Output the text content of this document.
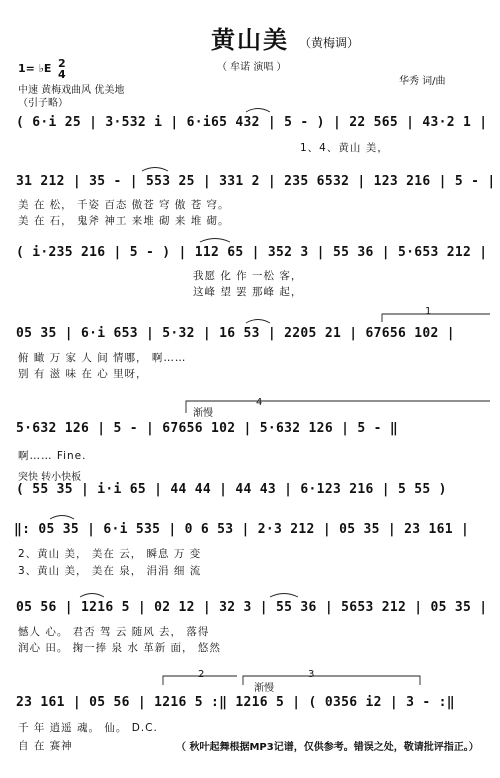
黄山美 （黄梅调）
（ 牟诺 演唱 ）
1= ♭E 2
4
中速 黄梅戏曲风 优美地
（引子略）
华秀 词/曲
( 6·i 25 | 3·532 i | 6·i65 432 | 5 - ) | 22 565 | 43·2 1 |
1、4、黄山 美，
31 212 | 35 - | 553 25 | 331 2 | 235 6532 | 123 216 | 5 - |
美 在 松， 千姿 百态 傲苍 穹 傲 苍 穹。
美 在 石， 鬼斧 神工 来堆 砌 来 堆 砌。
( i·235 216 | 5 - ) | 112 65 | 352 3 | 55 36 | 5·653 212 |
我愿 化 作 一松 客，
这峰 望 罢 那峰 起，
05 35 | 6·i 653 | 5·32 | 16 53 | 2205 21 | 67656 102 |
俯 瞰 万 家 人 间 情哪， 啊……
别 有 滋 味 在 心 里呀，
渐慢
5·632 126 | 5 - | 67656 102 | 5·632 126 | 5 - ‖
啊…… Fine.
突快 转小快板
( 55 35 | i·i 65 | 44 44 | 44 43 | 6·123 216 | 5 55 )
‖: 05 35 | 6·i 535 | 0 6 53 | 2·3 212 | 05 35 | 23 161 |
2、黄山 美， 美在 云， 瞬息 万 变
3、黄山 美， 美在 泉， 涓涓 细 流
05 56 | 1216 5 | 02 12 | 32 3 | 55 36 | 5653 212 | 05 35 |
憾人 心。 君否 驾 云 随风 去， 落得
润心 田。 掬一捧 泉 水 革新 面， 悠然
渐慢
2	3
23 161 | 05 56 | 1216 5 :‖ 1216 5 | ( 0356 i2 | 3 - :‖
千 年 逍遥 魂。 仙。 D.C.
自 在 赛神	（ 秋叶起舞根据MP3记谱，仅供参考。错误之处，敬请批评指正。）
1
4
